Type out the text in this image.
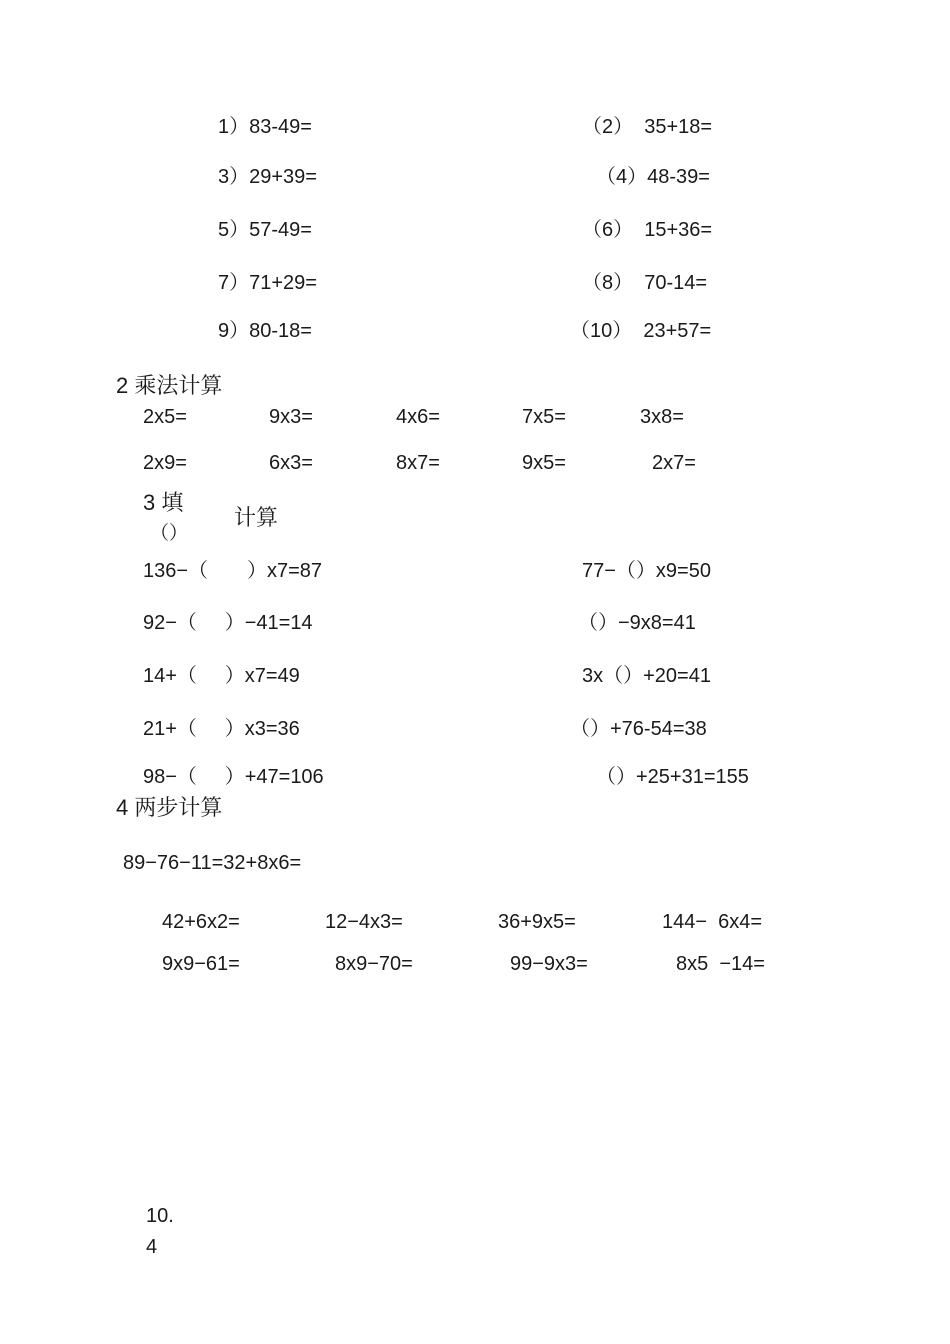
1）83-49=	（2）  35+18=
3）29+39=	（4）48-39=
5）57-49=	（6）  15+36=
7）71+29=	（8）  70-14=
9）80-18=	（10）  23+57=
2 乘法计算
2x5=	9x3=	4x6=	7x5=	3x8=
2x9=	6x3=	8x7=	9x5=	2x7=
3 填
（）
计算
136−（       ）x7=87	77−（）x9=50
92−（     ）−41=14	（）−9x8=41
14+（     ）x7=49	3x（）+20=41
21+（     ）x3=36	（）+76-54=38
98−（     ）+47=106	（）+25+31=155
4 两步计算
89−76−11=32+8x6=
42+6x2=	12−4x3=	36+9x5=	144−  6x4=
9x9−61=	8x9−70=	99−9x3=	8x5  −14=
10.
4
